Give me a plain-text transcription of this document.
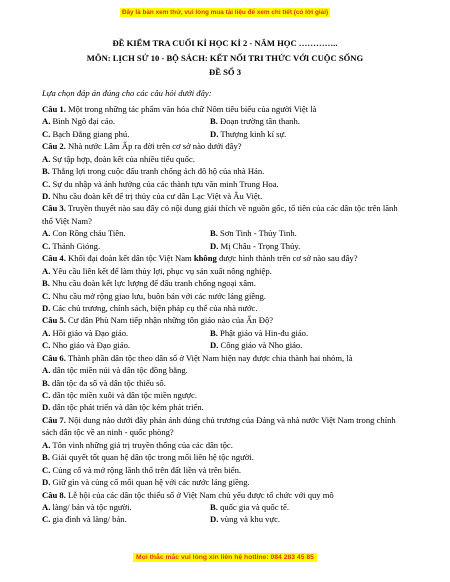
Đây là bản xem thử, vui lòng mua tài liệu để xem chi tiết (có lời giải)
ĐỀ KIỂM TRA CUỐI KÌ HỌC KÌ 2 - NĂM HỌC …………..
MÔN: LỊCH SỬ 10 - BỘ SÁCH: KẾT NỐI TRI THỨC VỚI CUỘC SỐNG
ĐỀ SỐ 3
Lựa chọn đáp án đúng cho các câu hỏi dưới đây:
Câu 1. Một trong những tác phẩm văn hóa chữ Nôm tiêu biểu của người Việt là
A. Bình Ngô đại cáo.	B. Đoạn trường tân thanh.
C. Bạch Đằng giang phú.	D. Thượng kinh kí sự.
Câu 2. Nhà nước Lâm Ấp ra đời trên cơ sở nào dưới đây?
A. Sự tập hợp, đoàn kết của nhiều tiểu quốc.
B. Thắng lợi trong cuộc đấu tranh chống ách đô hộ của nhà Hán.
C. Sự du nhập và ảnh hưởng của các thành tựu văn minh Trung Hoa.
D. Nhu cầu đoàn kết để trị thủy của cư dân Lạc Việt và Âu Việt.
Câu 3. Truyền thuyết nào sau đây có nội dung giải thích về nguồn gốc, tổ tiên của các dân tộc trên lãnh
thổ Việt Nam?
A. Con Rồng cháu Tiên.	B. Sơn Tinh - Thủy Tinh.
C. Thánh Gióng.	D. Mị Châu - Trọng Thủy.
Câu 4. Khối đại đoàn kết dân tộc Việt Nam không được hình thành trên cơ sở nào sau đây?
A. Yêu cầu liên kết để làm thủy lợi, phục vụ sản xuất nông nghiệp.
B. Nhu cầu đoàn kết lực lượng để đấu tranh chống ngoại xâm.
C. Nhu cầu mở rộng giao lưu, buôn bán với các nước láng giềng.
D. Các chủ trương, chính sách, biện pháp cụ thể của nhà nước.
Câu 5. Cư dân Phù Nam tiếp nhận những tôn giáo nào của Ấn Độ?
A. Hồi giáo và Đạo giáo.	B. Phật giáo và Hin-đu giáo.
C. Nho giáo và Đạo giáo.	D. Công giáo và Nho giáo.
Câu 6. Thành phần dân tộc theo dân số ở Việt Nam hiện nay được chia thành hai nhóm, là
A. dân tộc miền núi và dân tộc đồng bằng.
B. dân tộc đa số và dân tộc thiểu số.
C. dân tộc miền xuôi và dân tộc miền ngược.
D. dân tộc phát triển và dân tộc kém phát triển.
Câu 7. Nội dung nào dưới đây phản ánh đúng chủ trương của Đảng và nhà nước Việt Nam trong chính
sách dân tộc về an ninh - quốc phòng?
A. Tôn vinh những giá trị truyền thống của các dân tộc.
B. Giải quyết tốt quan hệ dân tộc trong mối liên hệ tộc người.
C. Củng cố và mở rộng lãnh thổ trên đất liền và trên biển.
D. Giữ gìn và củng cố mối quan hệ với các nước láng giềng.
Câu 8. Lễ hội của các dân tộc thiểu số ở Việt Nam chủ yếu được tổ chức với quy mô
A. làng/ bản và tộc người.	B. quốc gia và quốc tế.
C. gia đình và làng/ bản.	D. vùng và khu vực.
Mọi thắc mắc vui lòng xin liên hệ hotline: 084 283 45 85
